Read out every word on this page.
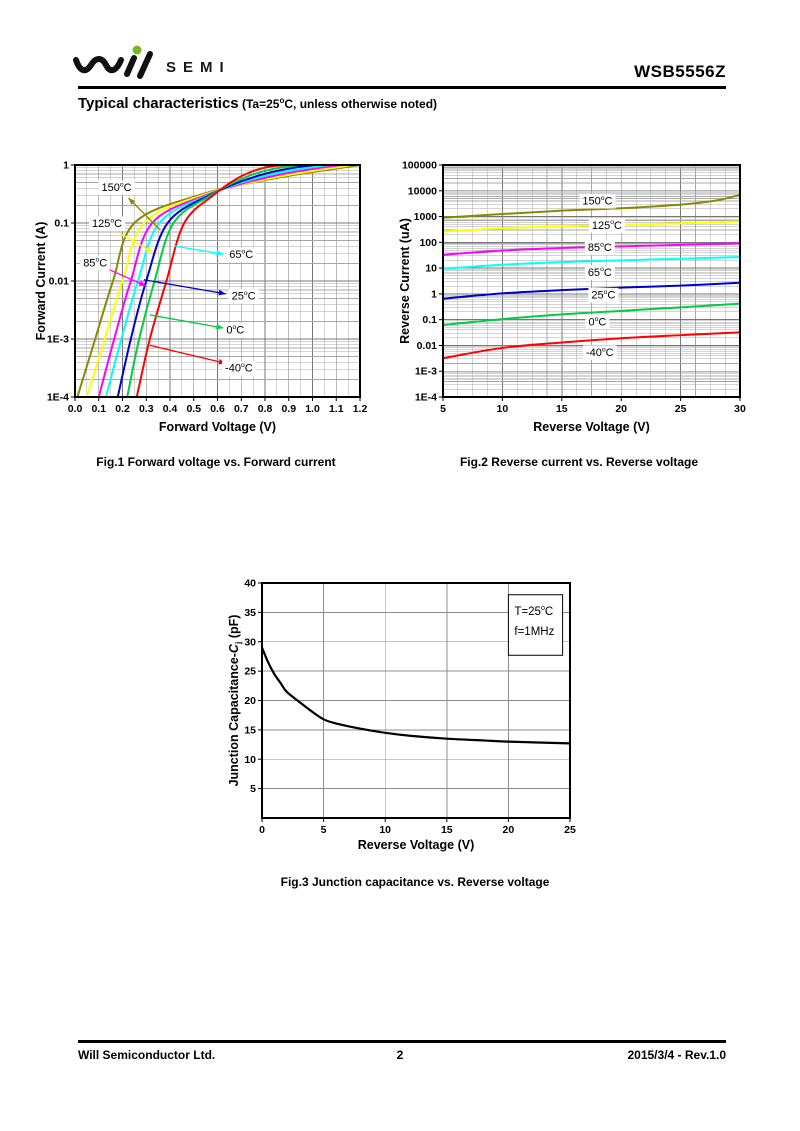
SEMI	WSB5556Z
Typical characteristics ($Ta=25^oC$, unless otherwise noted)
0.0 0.1 0.2 0.3 0.4 0.5 0.6 0.7 0.8 0.9 1.0 1.1 1.2
1
0.1
0.01
1E-3
1E-4
150$^o$C
125$^o$C
85$^o$C
65$^o$C
25$^o$C
0$^o$C
-40$^o$C
Forward Voltage (V)
Forward Current (A)
5	10	15	20	25	30
100000
10000
1000
100
10
1
0.1
0.01
1E-3
1E-4
150$^o$C
125$^o$C
85$^o$C
65$^o$C
25$^o$C
0$^o$C
-40$^o$C
Reverse Voltage (V)
Reverse Current (uA)
0	5	10	15	20	25
5
10
15
20
25
30
35
40
$T=25^oC$
f=1MHz
Reverse Voltage (V)
Junction Capacitance-$C_j$ (pF)
Fig.1 Forward voltage vs. Forward current	Fig.2 Reverse current vs. Reverse voltage
Fig.3 Junction capacitance vs. Reverse voltage
Will Semiconductor Ltd.	2	2015/3/4 - Rev.1.0
